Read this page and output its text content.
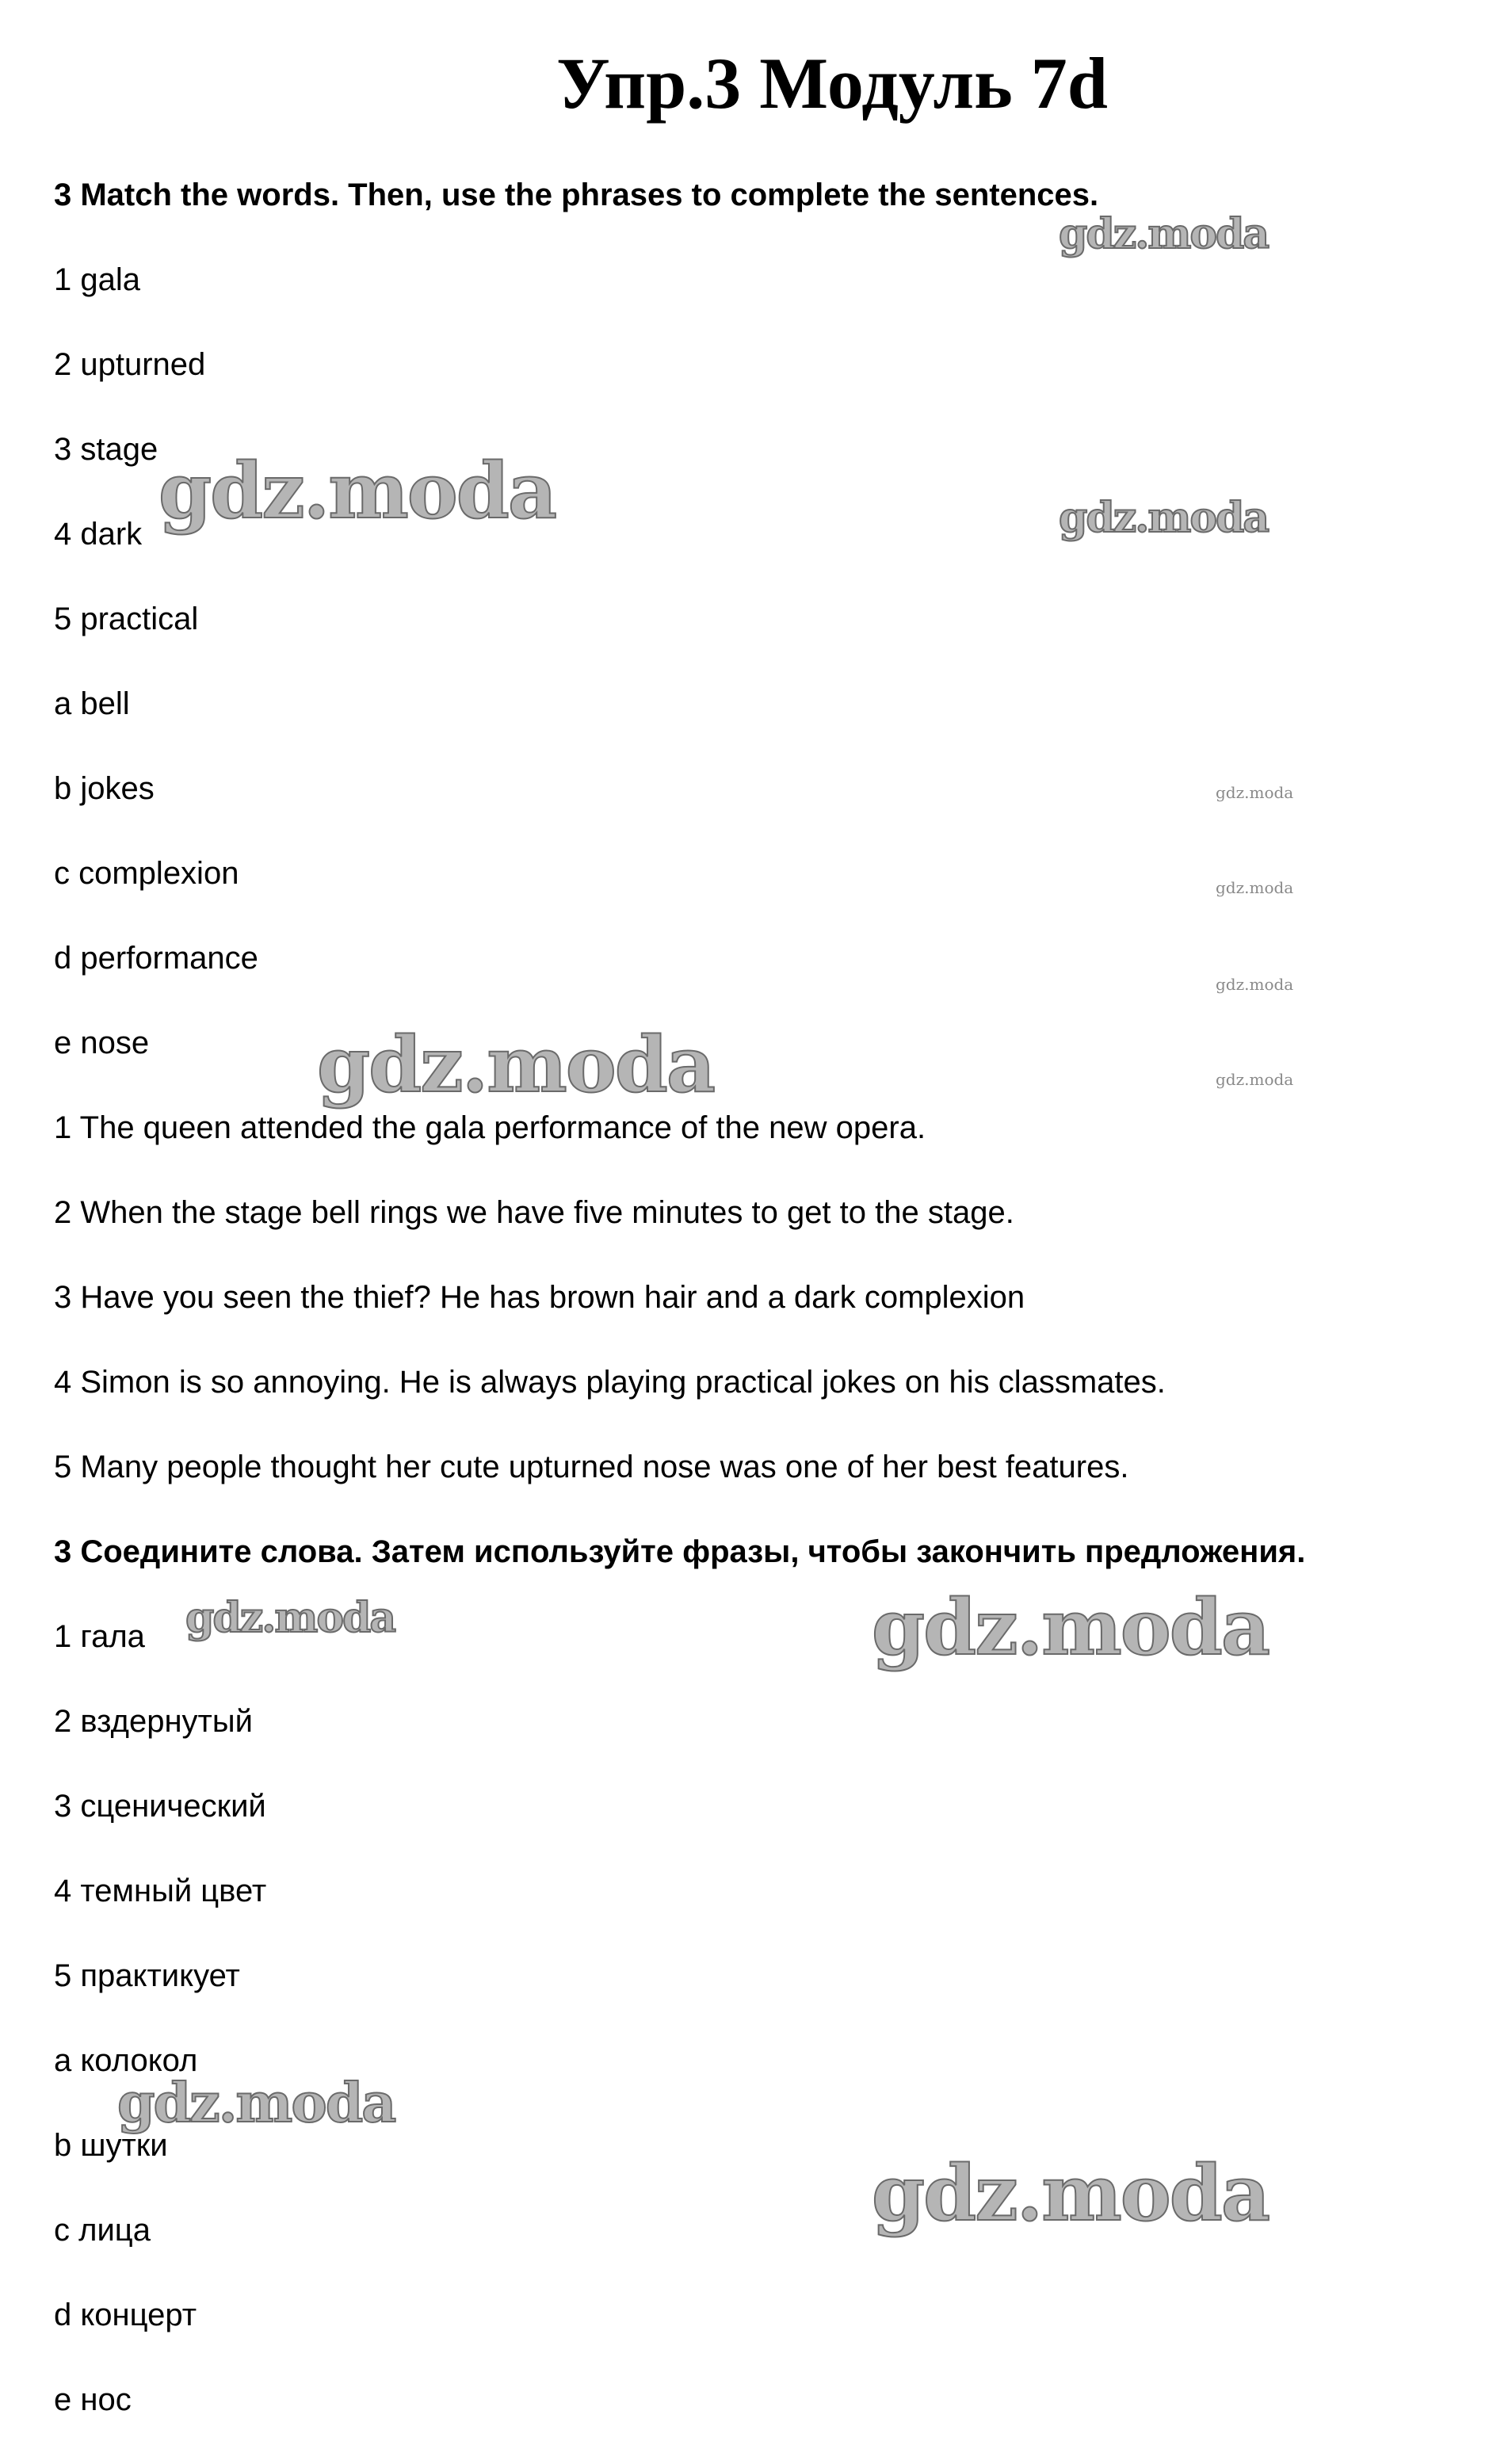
Упр.3 Модуль 7d
3 Match the words. Then, use the phrases to complete the sentences.
1 gala
2 upturned
3 stage
4 dark
5 practical
a bell
b jokes
c complexion
d performance
e nose
1 The queen attended the gala performance of the new opera.
2 When the stage bell rings we have five minutes to get to the stage.
3 Have you seen the thief? He has brown hair and a dark complexion
4 Simon is so annoying. He is always playing practical jokes on his classmates.
5 Many people thought her cute upturned nose was one of her best features.
3 Соедините слова. Затем используйте фразы, чтобы закончить предложения.
1 гала
2 вздернутый
3 сценический
4 темный цвет
5 практикует
a колокол
b шутки
c лица
d концерт
e нос
gdz.moda
gdz.moda	gdz.moda
gdz.moda
gdz.moda
gdz.moda
gdz.moda
gdz.moda
gdz.moda	gdz.moda
gdz.moda
gdz.moda
